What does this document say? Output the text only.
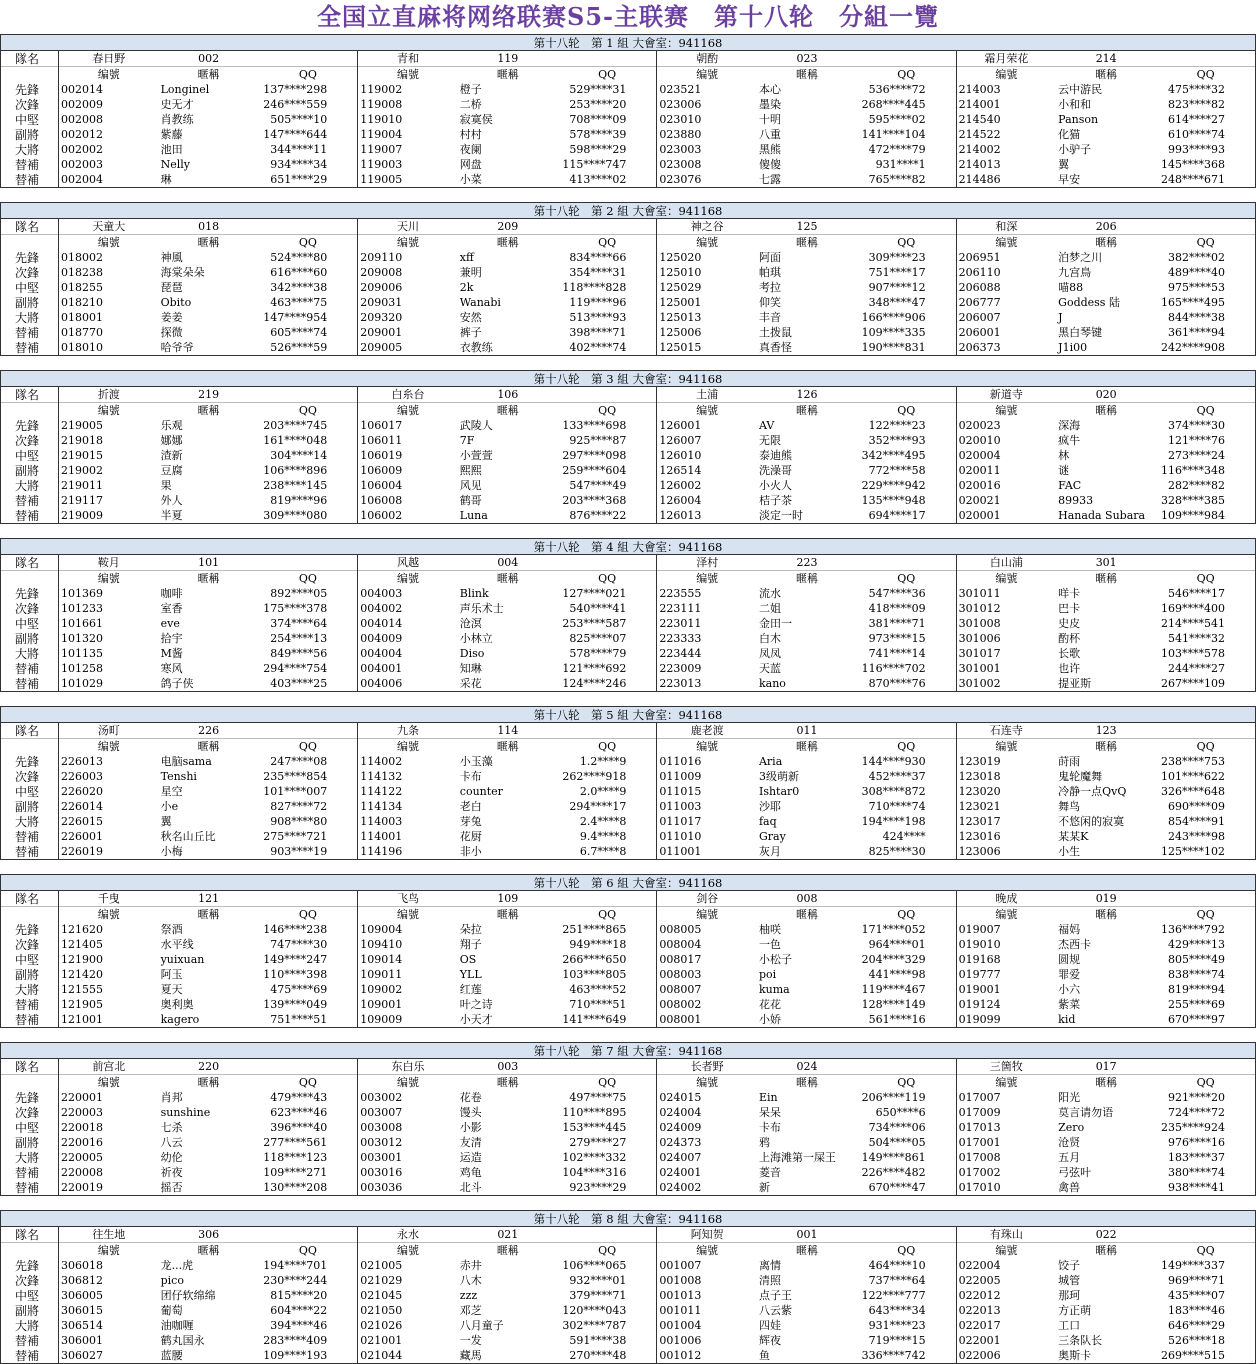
全国立直麻将网络联赛S5-主联赛　第十八轮　分組一覽
第十八轮　第 1 組 大會室：941168												
隊名	春日野	002		青和	119		朝酌	023		霜月荣花	214	
	编號	暱稱	QQ	编號	暱稱	QQ	编號	暱稱	QQ	编號	暱稱	QQ
先鋒	002014	Longinel	137****298	119002	橙子	529****31	023521	本心	536****72	214003	云中游民	475****32
次鋒	002009	史无才	246****559	119008	二桥	253****20	023006	墨染	268****445	214001	小和和	823****82
中堅	002008	肖教练	505****10	119010	寂寞侯	708****09	023010	十明	595****02	214540	Panson	614****27
副將	002012	紫藤	147****644	119004	村村	578****39	023880	八重	141****104	214522	化猫	610****74
大將	002002	池田	344****11	119007	夜阑	598****29	023003	黑熊	472****79	214002	小驴子	993****93
替補	002003	Nelly	934****34	119003	网盘	115****747	023008	傻傻	931****1	214013	翼	145****368
替補	002004	琳	651****29	119005	小菜	413****02	023076	七露	765****82	214486	早安	248****671
第十八轮　第 2 組 大會室：941168												
隊名	天童大	018		天川	209		神之谷	125		和深	206	
	编號	暱稱	QQ	编號	暱稱	QQ	编號	暱稱	QQ	编號	暱稱	QQ
先鋒	018002	神風	524****80	209110	xff	834****66	125020	阿面	309****23	206951	泊梦之川	382****02
次鋒	018238	海棠朵朵	616****60	209008	兼明	354****31	125010	帕琪	751****17	206110	九宫鳥	489****40
中堅	018255	琵琶	342****38	209006	2k	118****828	125029	考拉	907****12	206088	喵88	975****53
副將	018210	Obito	463****75	209031	Wanabi	119****96	125001	仰笑	348****47	206777	Goddess 陆	165****495
大將	018001	姜姜	147****954	209320	安然	513****93	125013	丰音	166****906	206007	J	844****38
替補	018770	探微	605****74	209001	裤子	398****71	125006	土拨鼠	109****335	206001	黑白琴键	361****94
替補	018010	哈爷爷	526****59	209005	衣教练	402****74	125015	真香怪	190****831	206373	J1i00	242****908
第十八轮　第 3 組 大會室：941168												
隊名	折渡	219		白糸台	106		土浦	126		新道寺	020	
	编號	暱稱	QQ	编號	暱稱	QQ	编號	暱稱	QQ	编號	暱稱	QQ
先鋒	219005	乐观	203****745	106017	武陵人	133****698	126001	AV	122****23	020023	深海	374****30
次鋒	219018	娜娜	161****048	106011	7F	925****87	126007	无限	352****93	020010	疯牛	121****76
中堅	219015	渣新	304****14	106019	小萱萱	297****098	126010	泰迪熊	342****495	020004	林	273****24
副將	219002	豆腐	106****896	106009	熙熙	259****604	126514	洗澡哥	772****58	020011	谜	116****348
大將	219011	果	238****145	106004	风见	547****49	126002	小火人	229****942	020016	FAC	282****82
替補	219117	外人	819****96	106008	鹤哥	203****368	126004	桔子茶	135****948	020021	89933	328****385
替補	219009	半夏	309****080	106002	Luna	876****22	126013	淡定一时	694****17	020001	Hanada Subara	109****984
第十八轮　第 4 組 大會室：941168												
隊名	鞍月	101		风越	004		泽村	223		白山浦	301	
	编號	暱稱	QQ	编號	暱稱	QQ	编號	暱稱	QQ	编號	暱稱	QQ
先鋒	101369	咖啡	892****05	004003	Blink	127****021	223555	流水	547****36	301011	咩卡	546****17
次鋒	101233	室香	175****378	004002	声乐术士	540****41	223111	二姐	418****09	301012	巴卡	169****400
中堅	101661	eve	374****64	004014	沧溟	253****587	223011	金田一	381****71	301008	史皮	214****541
副將	101320	拾宇	254****13	004009	小林立	825****07	223333	白木	973****15	301006	酌杯	541****32
大將	101135	M酱	849****56	004004	Diso	578****79	223444	凤凤	741****14	301017	长歌	103****578
替補	101258	寒风	294****754	004001	知琳	121****692	223009	天蓝	116****702	301001	也许	244****27
替補	101029	鸽子侠	403****25	004006	采花	124****246	223013	kano	870****76	301002	提亚斯	267****109
第十八轮　第 5 組 大會室：941168												
隊名	汤町	226		九条	114		鹿老渡	011		石连寺	123	
	编號	暱稱	QQ	编號	暱稱	QQ	编號	暱稱	QQ	编號	暱稱	QQ
先鋒	226013	电脑sama	247****08	114002	小玉藻	1.2****9	011016	Aria	144****930	123019	莳雨	238****753
次鋒	226003	Tenshi	235****854	114132	卡布	262****918	011009	3级萌新	452****37	123018	鬼轮魔舞	101****622
中堅	226020	星空	101****007	114122	counter	2.0****9	011015	Ishtar0	308****872	123020	冷静一点QvQ	326****648
副將	226014	小e	827****72	114134	老白	294****17	011003	沙耶	710****74	123021	舞鸟	690****09
大將	226015	翼	908****80	114003	芽兔	2.4****8	011017	faq	194****198	123017	不悠闲的寂寞	854****91
替補	226001	秋名山丘比	275****721	114001	花厨	9.4****8	011010	Gray	424****	123016	某某K	243****98
替補	226019	小梅	903****19	114196	非小	6.7****8	011001	灰月	825****30	123006	小生	125****102
第十八轮　第 6 組 大會室：941168												
隊名	千曳	121		飞鸟	109		剑谷	008		晚成	019	
	编號	暱稱	QQ	编號	暱稱	QQ	编號	暱稱	QQ	编號	暱稱	QQ
先鋒	121620	祭酒	146****238	109004	朵拉	251****865	008005	柚咲	171****052	019007	福妈	136****792
次鋒	121405	水平线	747****30	109410	翔子	949****18	008004	一色	964****01	019010	杰西卡	429****13
中堅	121900	yuixuan	149****247	109014	OS	266****650	008017	小松子	204****329	019168	圆规	805****49
副將	121420	阿玉	110****398	109011	YLL	103****805	008003	poi	441****98	019777	罪爱	838****74
大將	121555	夏天	475****69	109002	红莲	463****52	008007	kuma	119****467	019001	小六	819****94
替補	121905	奥利奥	139****049	109001	叶之诗	710****51	008002	花花	128****149	019124	紫菜	255****69
替補	121001	kagero	751****51	109009	小天才	141****649	008001	小娇	561****16	019099	kid	670****97
第十八轮　第 7 組 大會室：941168												
隊名	前宫北	220		东白乐	003		长者野	024		三箇牧	017	
	编號	暱稱	QQ	编號	暱稱	QQ	编號	暱稱	QQ	编號	暱稱	QQ
先鋒	220001	肖邦	479****43	003002	花卷	497****75	024015	Ein	206****119	017007	阳光	921****20
次鋒	220003	sunshine	623****46	003007	馒头	110****895	024004	呆呆	650****6	017009	莫言请勿语	724****72
中堅	220018	七杀	396****40	003008	小影	153****445	024009	卡布	734****06	017013	Zero	235****924
副將	220016	八云	277****561	003012	友清	279****27	024373	鸦	504****05	017001	沧贤	976****16
大將	220005	幼伦	118****123	003001	运造	102****332	024007	上海滩第一屎王	149****861	017008	五月	183****37
替補	220008	祈夜	109****271	003016	鸡龟	104****316	024001	菱音	226****482	017002	弓弦叶	380****74
替補	220019	摇否	130****208	003036	北斗	923****29	024002	新	670****47	017010	禽兽	938****41
第十八轮　第 8 組 大會室：941168												
隊名	往生地	306		永水	021		阿知贺	001		有珠山	022	
	编號	暱稱	QQ	编號	暱稱	QQ	编號	暱稱	QQ	编號	暱稱	QQ
先鋒	306018	龙...虎	194****701	021005	赤井	106****065	001007	离情	464****10	022004	饺子	149****337
次鋒	306812	pico	230****244	021029	八木	932****01	001008	清照	737****64	022005	城管	969****71
中堅	306005	团仔软绵绵	815****20	021045	zzz	379****71	001013	点子王	122****777	022012	那珂	435****07
副將	306015	葡萄	604****22	021050	邓芝	120****043	001011	八云紫	643****34	022013	方正萌	183****46
大將	306514	油咖喱	394****46	021026	八月童子	302****787	001004	四娃	931****23	022017	工口	646****29
替補	306001	鹤丸国永	283****409	021001	一发	591****38	001006	辉夜	719****15	022001	三条队长	526****18
替補	306027	蓝腰	109****193	021044	藏馬	270****48	001012	鱼	336****742	022006	奥斯卡	269****515
